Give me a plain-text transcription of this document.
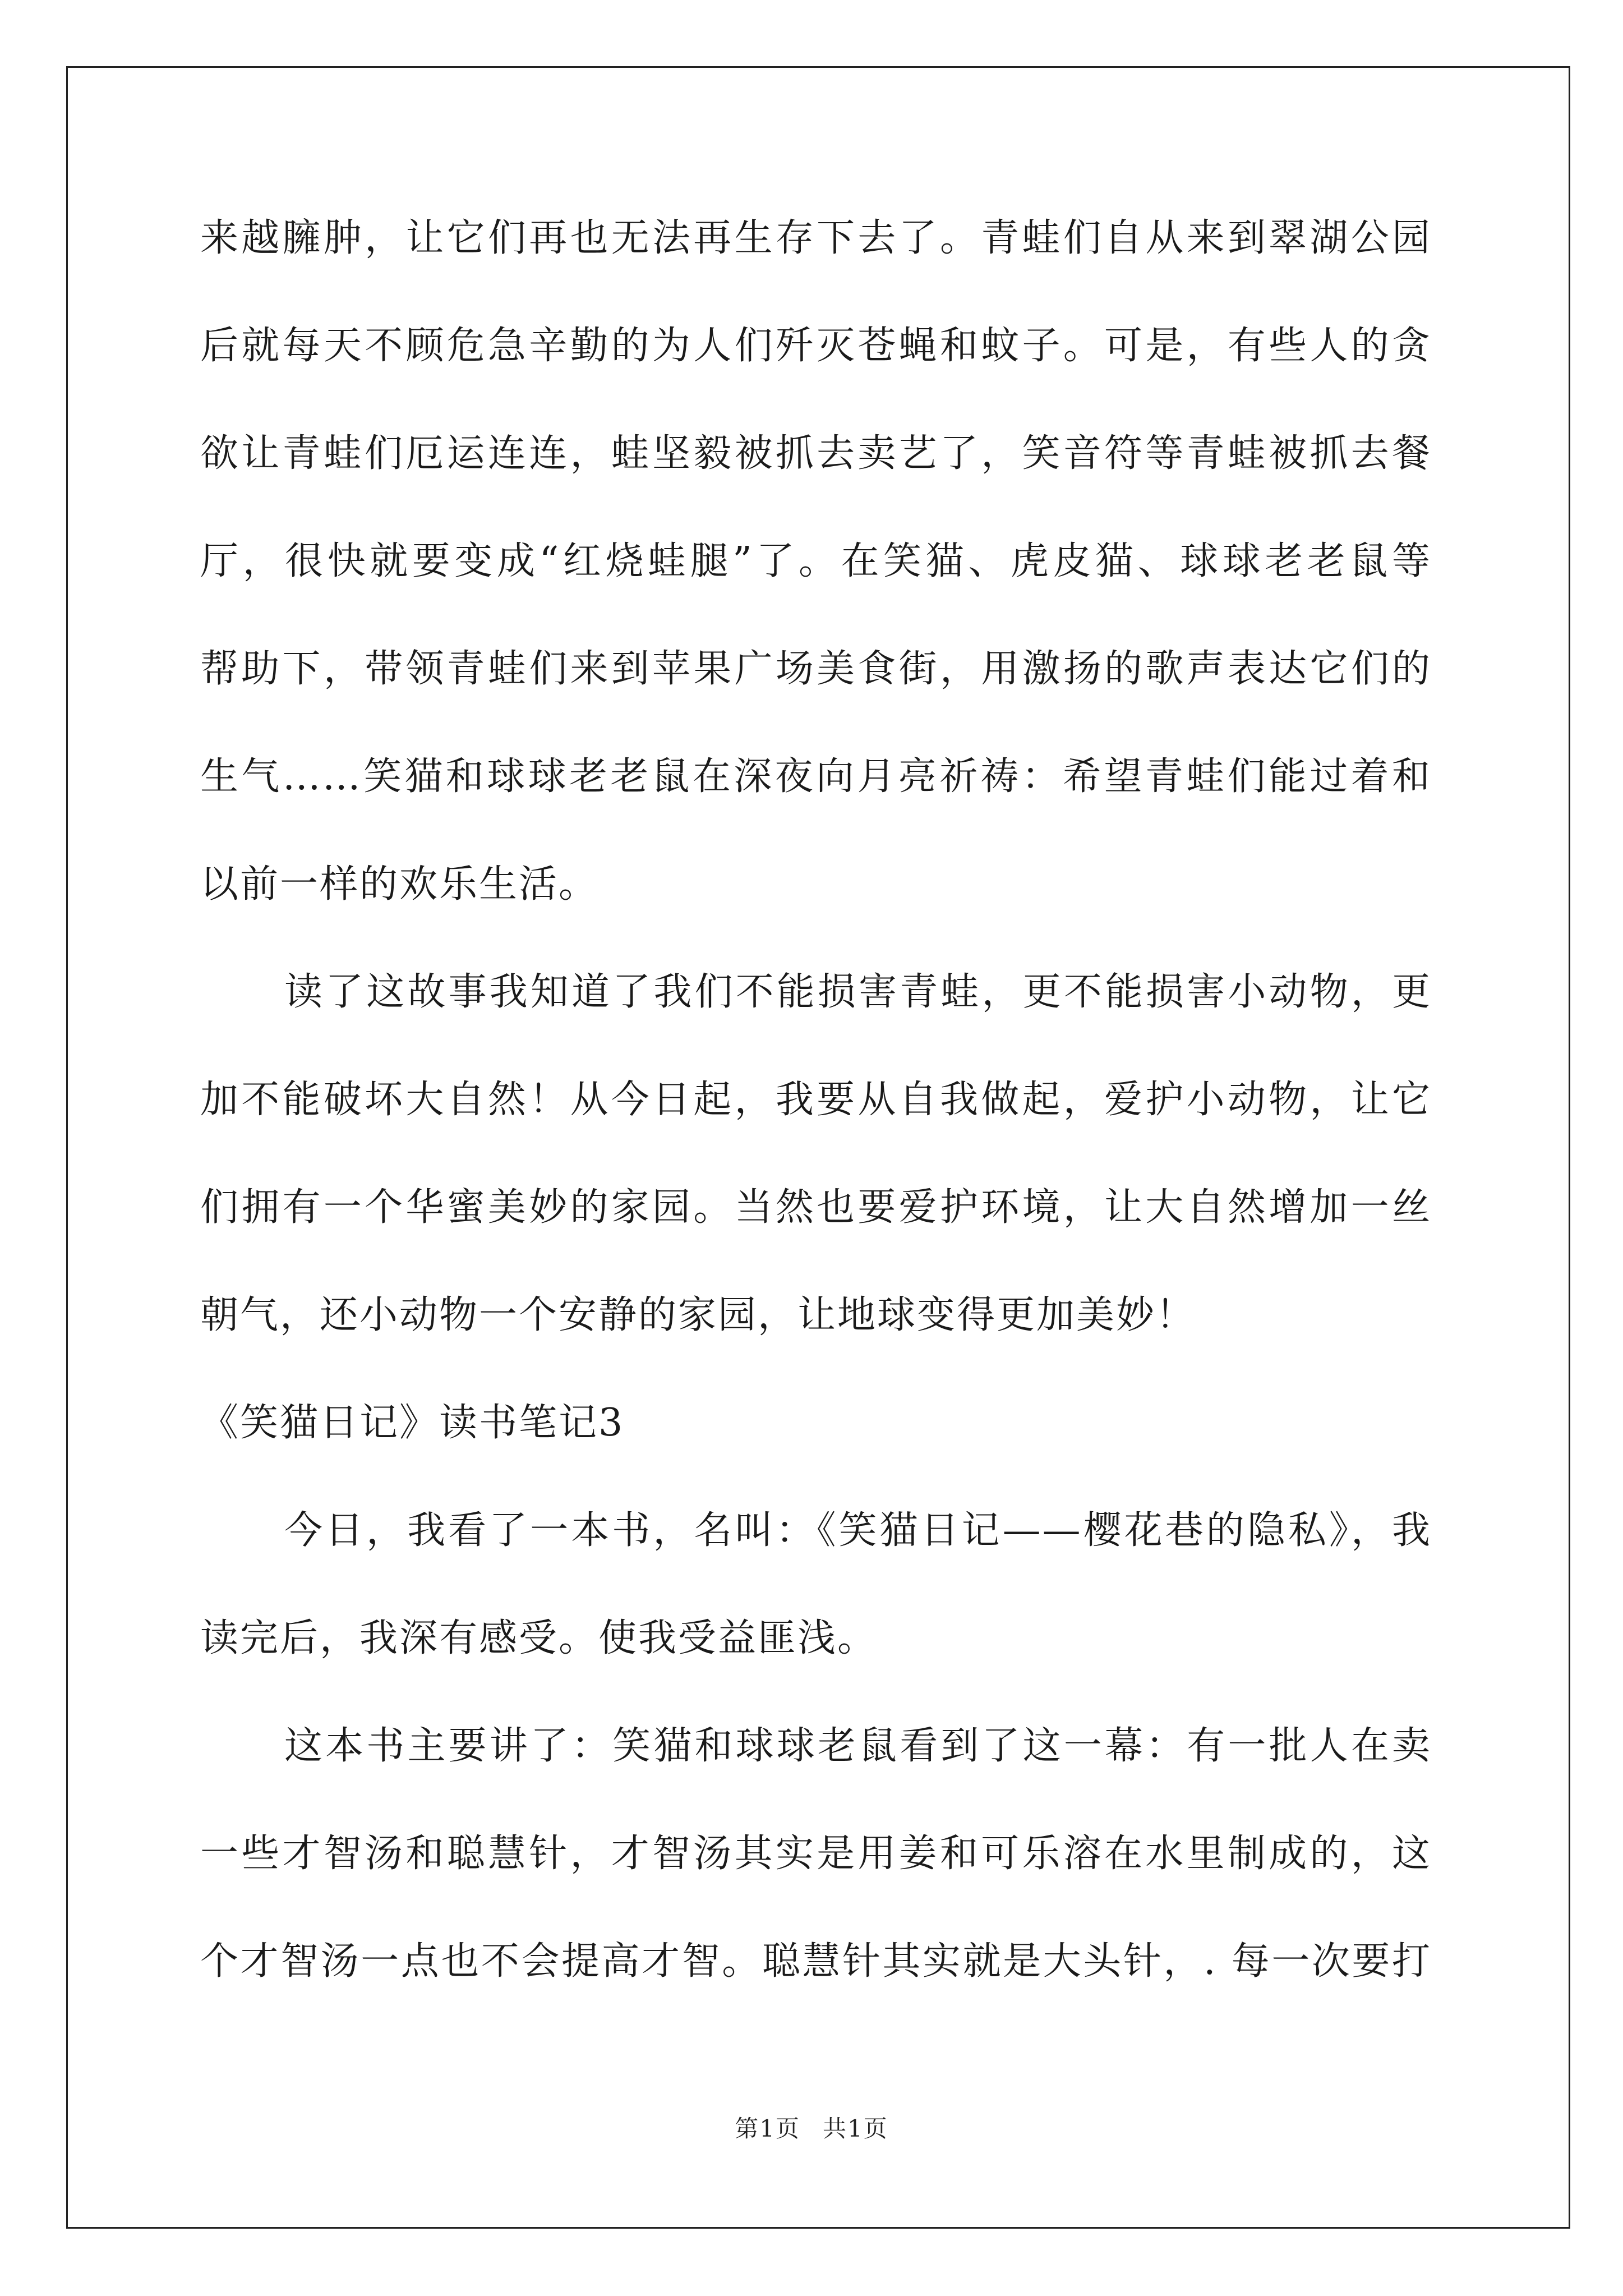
来越臃肿，让它们再也无法再生存下去了。青蛙们自从来到翠湖公园
后就每天不顾危急辛勤的为人们歼灭苍蝇和蚊子。可是，有些人的贪
欲让青蛙们厄运连连，蛙坚毅被抓去卖艺了，笑音符等青蛙被抓去餐
厅，很快就要变成“红烧蛙腿”了。在笑猫、虎皮猫、球球老老鼠等
帮助下，带领青蛙们来到苹果广场美食街，用激扬的歌声表达它们的
生气……笑猫和球球老老鼠在深夜向月亮祈祷：希望青蛙们能过着和
以前一样的欢乐生活。
读了这故事我知道了我们不能损害青蛙，更不能损害小动物，更
加不能破坏大自然！从今日起，我要从自我做起，爱护小动物，让它
们拥有一个华蜜美妙的家园。当然也要爱护环境，让大自然增加一丝
朝气，还小动物一个安静的家园，让地球变得更加美妙！
《笑猫日记》读书笔记3
今日，我看了一本书，名叫：《笑猫日记——樱花巷的隐私》，我
读完后，我深有感受。使我受益匪浅。
这本书主要讲了：笑猫和球球老鼠看到了这一幕：有一批人在卖
一些才智汤和聪慧针，才智汤其实是用姜和可乐溶在水里制成的，这
个才智汤一点也不会提高才智。聪慧针其实就是大头针，. 每一次要打
第1页 共1页
